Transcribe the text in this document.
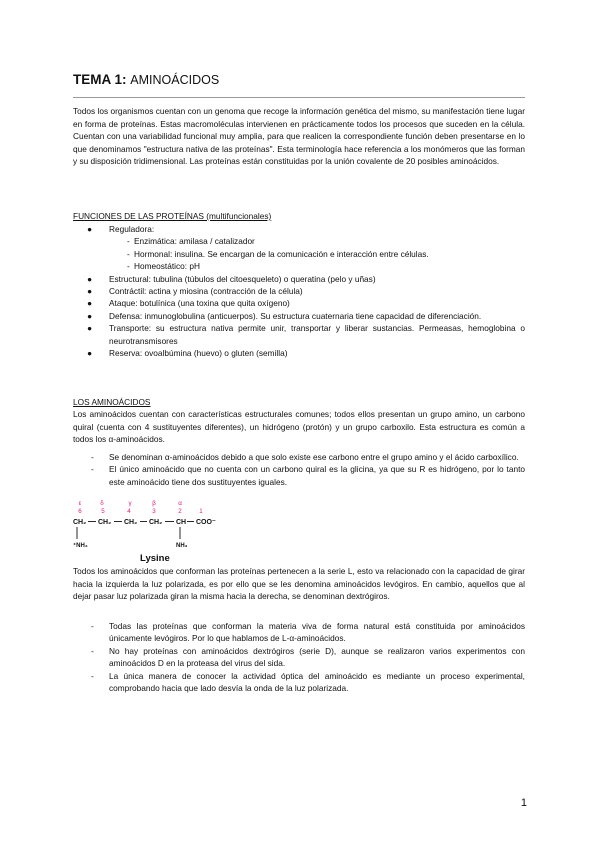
TEMA 1: AMINOÁCIDOS

Todos los organismos cuentan con un genoma que recoge la información genética del mismo, su manifestación tiene lugar en forma de proteínas. Estas macromoléculas intervienen en prácticamente todos los procesos que suceden en la célula. Cuentan con una variabilidad funcional muy amplia, para que realicen la correspondiente función deben presentarse en lo que denominamos "estructura nativa de las proteínas". Esta terminología hace referencia a los monómeros que las forman y su disposición tridimensional. Las proteínas están constituidas por la unión covalente de 20 posibles aminoácidos.

FUNCIONES DE LAS PROTEÍNAS (multifuncionales)
● Reguladora:
- Enzimática: amilasa / catalizador
- Hormonal: insulina. Se encargan de la comunicación e interacción entre células.
- Homeostático: pH
● Estructural: tubulina (túbulos del citoesqueleto) o queratina (pelo y uñas)
● Contráctil: actina y miosina (contracción de la célula)
● Ataque: botulínica (una toxina que quita oxígeno)
● Defensa: inmunoglobulina (anticuerpos). Su estructura cuaternaria tiene capacidad de diferenciación.
● Transporte: su estructura nativa permite unir, transportar y liberar sustancias. Permeasas, hemoglobina o neurotransmisores
● Reserva: ovoalbúmina (huevo) o gluten (semilla)
LOS AMINOÁCIDOS

Los aminoácidos cuentan con características estructurales comunes; todos ellos presentan un grupo amino, un carbono quiral (cuenta con 4 sustituyentes diferentes), un hidrógeno (protón) y un grupo carboxilo. Esta estructura es común a todos los α-aminoácidos.

- Se denominan α-aminoácidos debido a que solo existe ese carbono entre el grupo amino y el ácido carboxílico.
- El único aminoácido que no cuenta con un carbono quiral es la glicina, ya que su R es hidrógeno, por lo tanto este aminoácido tiene dos sustituyentes iguales.
ε	δ	γ	β	α
6	5	4	3	2	1
CH₂ CH₂ CH₂ CH₂ CH COO⁻
⁺NH₃	NH₃
Lysine

Todos los aminoácidos que conforman las proteínas pertenecen a la serie L, esto va relacionado con la capacidad de girar hacia la izquierda la luz polarizada, es por ello que se les denomina aminoácidos levógiros. En cambio, aquellos que al dejar pasar luz polarizada giran la misma hacia la derecha, se denominan dextrógiros.

- Todas las proteínas que conforman la materia viva de forma natural está constituida por aminoácidos únicamente levógiros. Por lo que hablamos de L-α-aminoácidos.
- No hay proteínas con aminoácidos dextrógiros (serie D), aunque se realizaron varios experimentos con aminoácidos D en la proteasa del virus del sida.
- La única manera de conocer la actividad óptica del aminoácido es mediante un proceso experimental, comprobando hacia que lado desvía la onda de la luz polarizada.
1
